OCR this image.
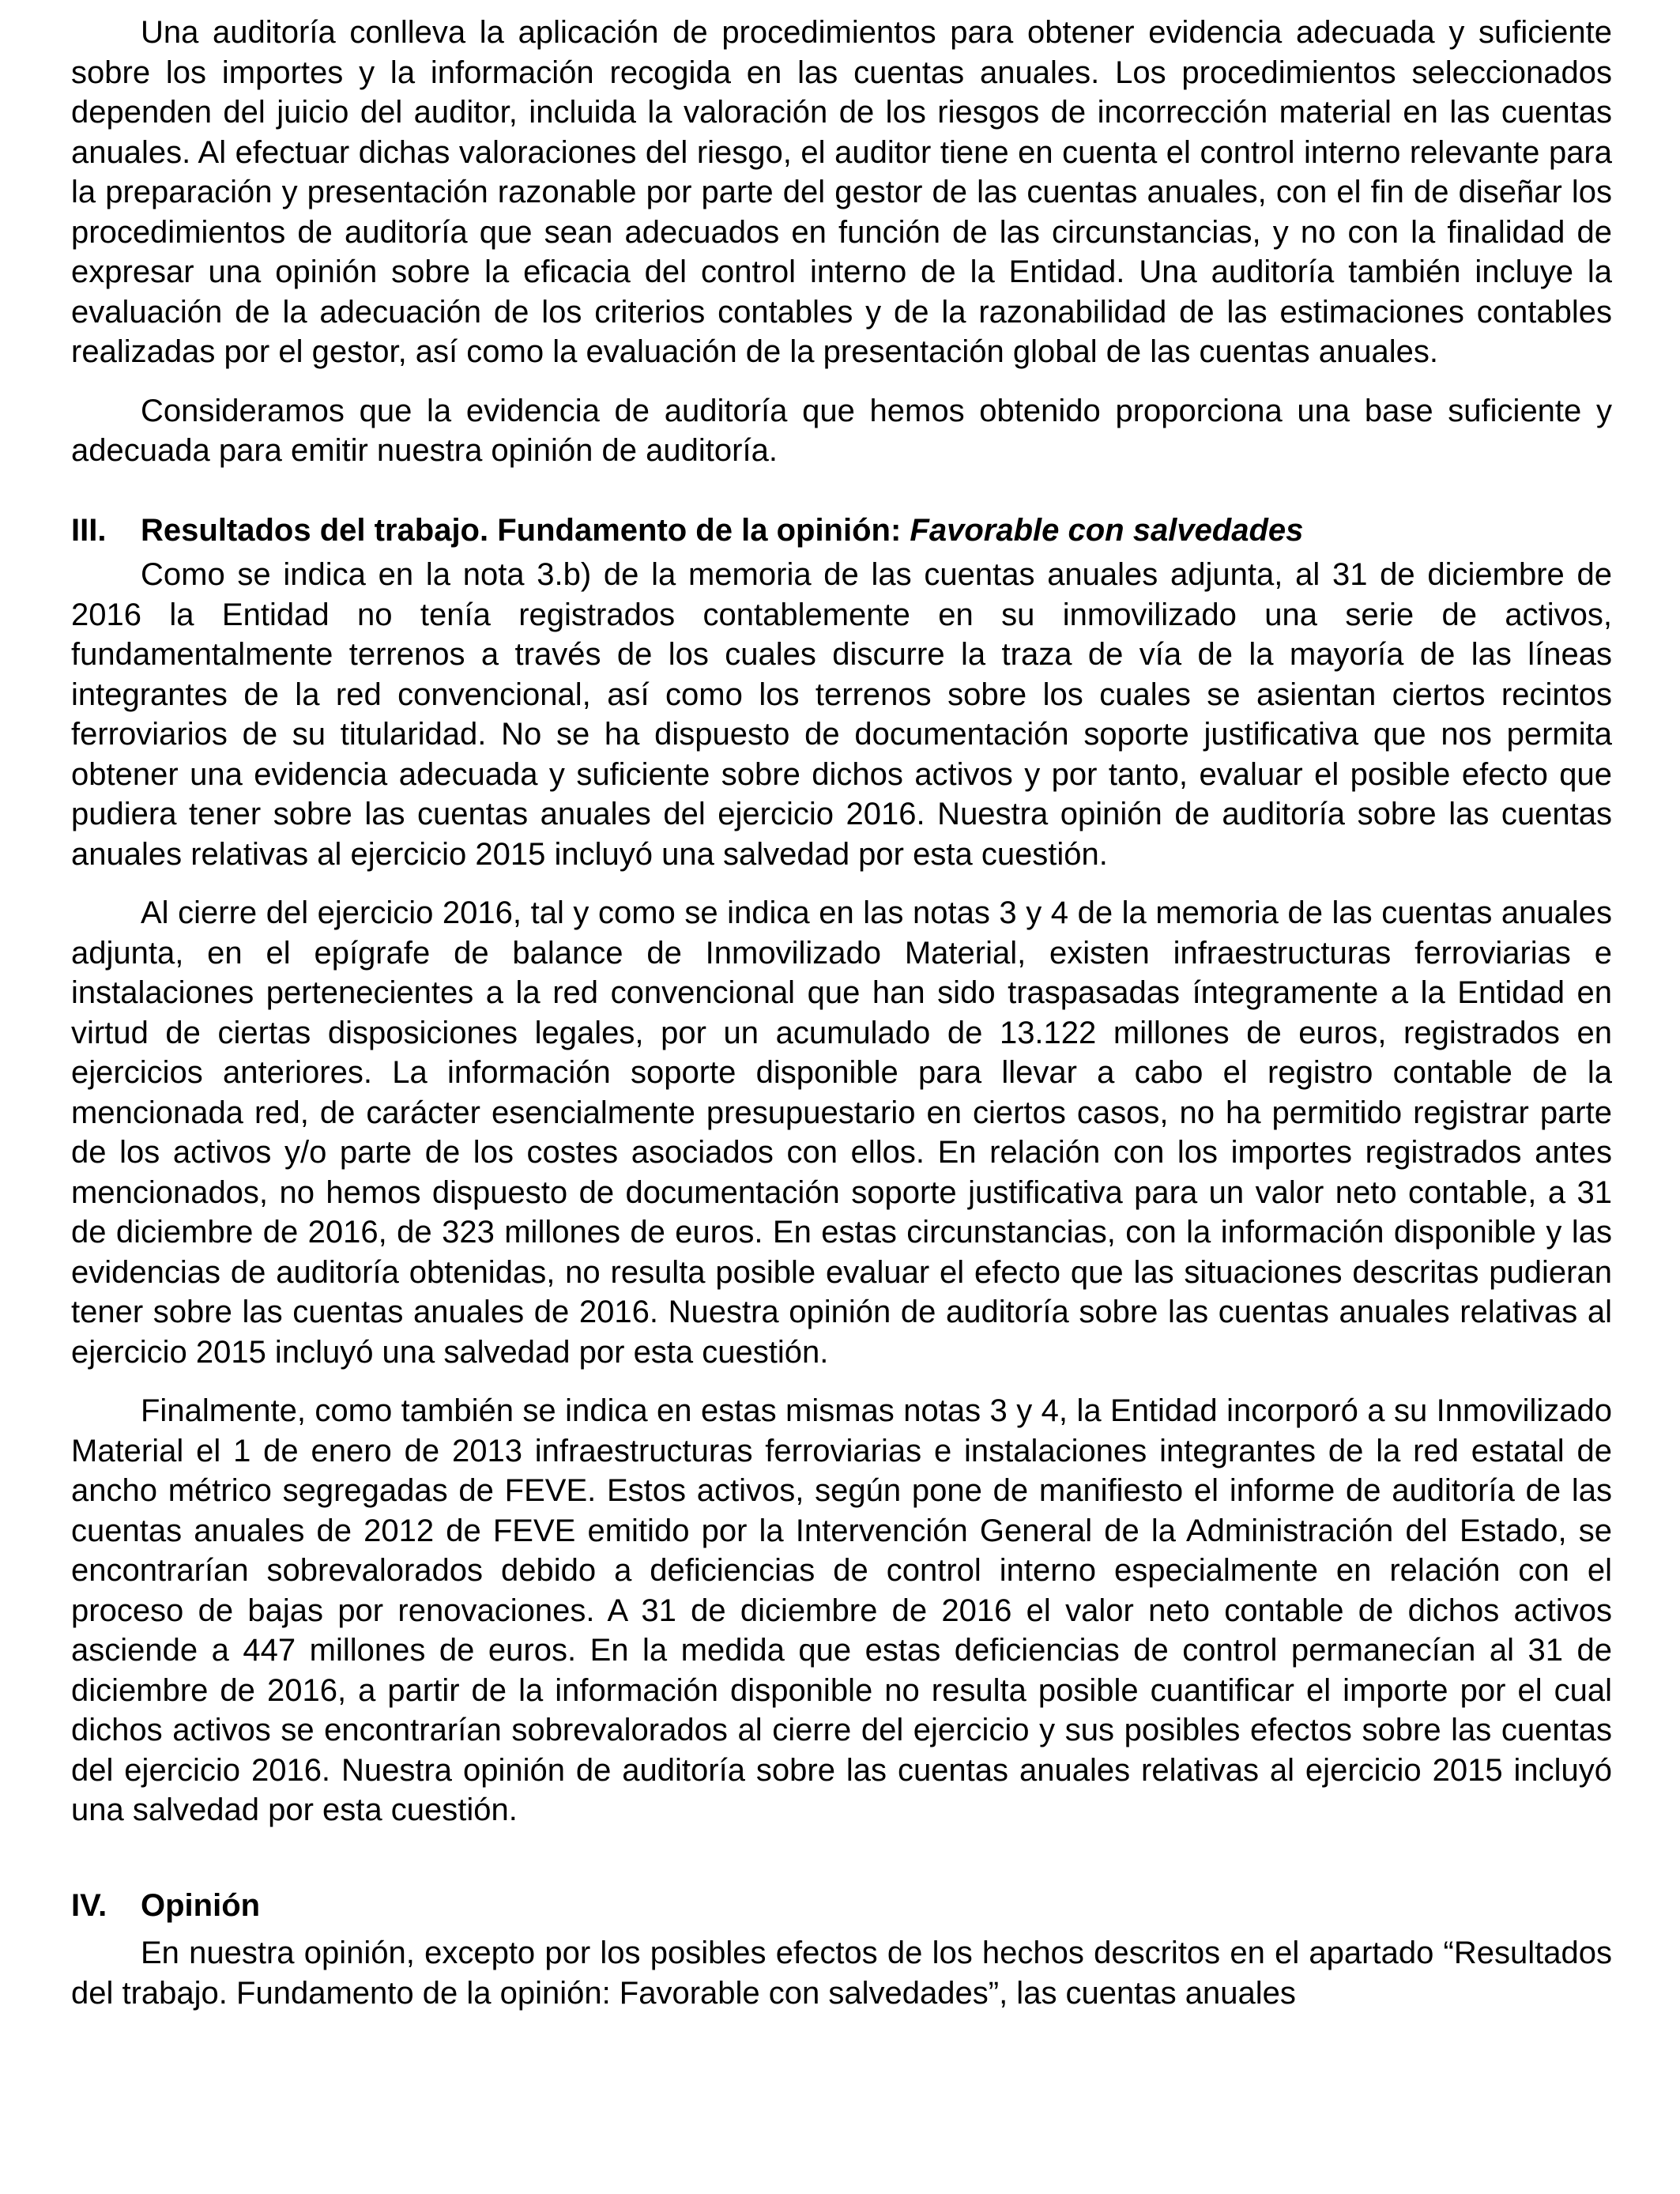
Una auditoría conlleva la aplicación de procedimientos para obtener evidencia adecuada y suficiente sobre los importes y la información recogida en las cuentas anuales. Los procedimientos seleccionados dependen del juicio del auditor, incluida la valoración de los riesgos de incorrección material en las cuentas anuales. Al efectuar dichas valoraciones del riesgo, el auditor tiene en cuenta el control interno relevante para la preparación y presentación razonable por parte del gestor de las cuentas anuales, con el fin de diseñar los procedimientos de auditoría que sean adecuados en función de las circunstancias, y no con la finalidad de expresar una opinión sobre la eficacia del control interno de la Entidad. Una auditoría también incluye la evaluación de la adecuación de los criterios contables y de la razonabilidad de las estimaciones contables realizadas por el gestor, así como la evaluación de la presentación global de las cuentas anuales.

Consideramos que la evidencia de auditoría que hemos obtenido proporciona una base suficiente y adecuada para emitir nuestra opinión de auditoría.

III.	Resultados del trabajo. Fundamento de la opinión: Favorable con salvedades

Como se indica en la nota 3.b) de la memoria de las cuentas anuales adjunta, al 31 de diciembre de 2016 la Entidad no tenía registrados contablemente en su inmovilizado una serie de activos, fundamentalmente terrenos a través de los cuales discurre la traza de vía de la mayoría de las líneas integrantes de la red convencional, así como los terrenos sobre los cuales se asientan ciertos recintos ferroviarios de su titularidad. No se ha dispuesto de documentación soporte justificativa que nos permita obtener una evidencia adecuada y suficiente sobre dichos activos y por tanto, evaluar el posible efecto que pudiera tener sobre las cuentas anuales del ejercicio 2016. Nuestra opinión de auditoría sobre las cuentas anuales relativas al ejercicio 2015 incluyó una salvedad por esta cuestión.

Al cierre del ejercicio 2016, tal y como se indica en las notas 3 y 4 de la memoria de las cuentas anuales adjunta, en el epígrafe de balance de Inmovilizado Material, existen infraestructuras ferroviarias e instalaciones pertenecientes a la red convencional que han sido traspasadas íntegramente a la Entidad en virtud de ciertas disposiciones legales, por un acumulado de 13.122 millones de euros, registrados en ejercicios anteriores. La información soporte disponible para llevar a cabo el registro contable de la mencionada red, de carácter esencialmente presupuestario en ciertos casos, no ha permitido registrar parte de los activos y/o parte de los costes asociados con ellos. En relación con los importes registrados antes mencionados, no hemos dispuesto de documentación soporte justificativa para un valor neto contable, a 31 de diciembre de 2016, de 323 millones de euros. En estas circunstancias, con la información disponible y las evidencias de auditoría obtenidas, no resulta posible evaluar el efecto que las situaciones descritas pudieran tener sobre las cuentas anuales de 2016. Nuestra opinión de auditoría sobre las cuentas anuales relativas al ejercicio 2015 incluyó una salvedad por esta cuestión.

Finalmente, como también se indica en estas mismas notas 3 y 4, la Entidad incorporó a su Inmovilizado Material el 1 de enero de 2013 infraestructuras ferroviarias e instalaciones integrantes de la red estatal de ancho métrico segregadas de FEVE. Estos activos, según pone de manifiesto el informe de auditoría de las cuentas anuales de 2012 de FEVE emitido por la Intervención General de la Administración del Estado, se encontrarían sobrevalorados debido a deficiencias de control interno especialmente en relación con el proceso de bajas por renovaciones. A 31 de diciembre de 2016 el valor neto contable de dichos activos asciende a 447 millones de euros. En la medida que estas deficiencias de control permanecían al 31 de diciembre de 2016, a partir de la información disponible no resulta posible cuantificar el importe por el cual dichos activos se encontrarían sobrevalorados al cierre del ejercicio y sus posibles efectos sobre las cuentas del ejercicio 2016. Nuestra opinión de auditoría sobre las cuentas anuales relativas al ejercicio 2015 incluyó una salvedad por esta cuestión.

IV.	Opinión

En nuestra opinión, excepto por los posibles efectos de los hechos descritos en el apartado “Resultados del trabajo. Fundamento de la opinión: Favorable con salvedades”, las cuentas anuales
